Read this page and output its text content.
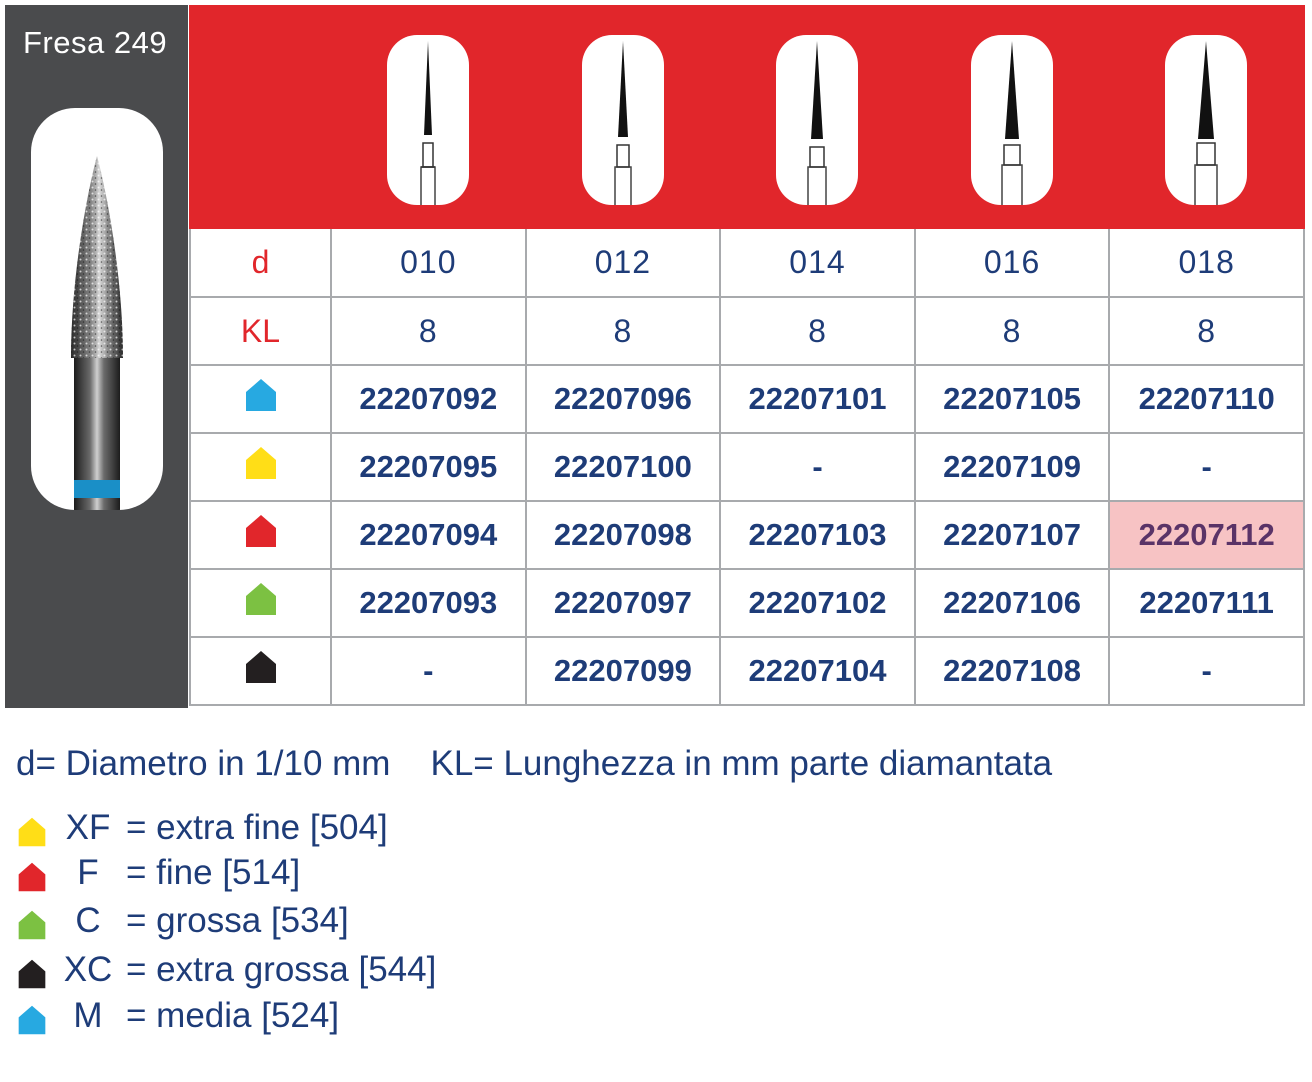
Fresa 249
d	010	012	014	016	018
KL	8	8	8	8	8
	22207092	22207096	22207101	22207105	22207110
	22207095	22207100	-	22207109	-
	22207094	22207098	22207103	22207107	22207112
	22207093	22207097	22207102	22207106	22207111
	-	22207099	22207104	22207108	-
d= Diametro in 1/10 mm KL= Lunghezza in mm parte diamantata
XF = extra fine [504]
F = fine [514]
C = grossa [534]
XC = extra grossa [544]
M = media [524]
